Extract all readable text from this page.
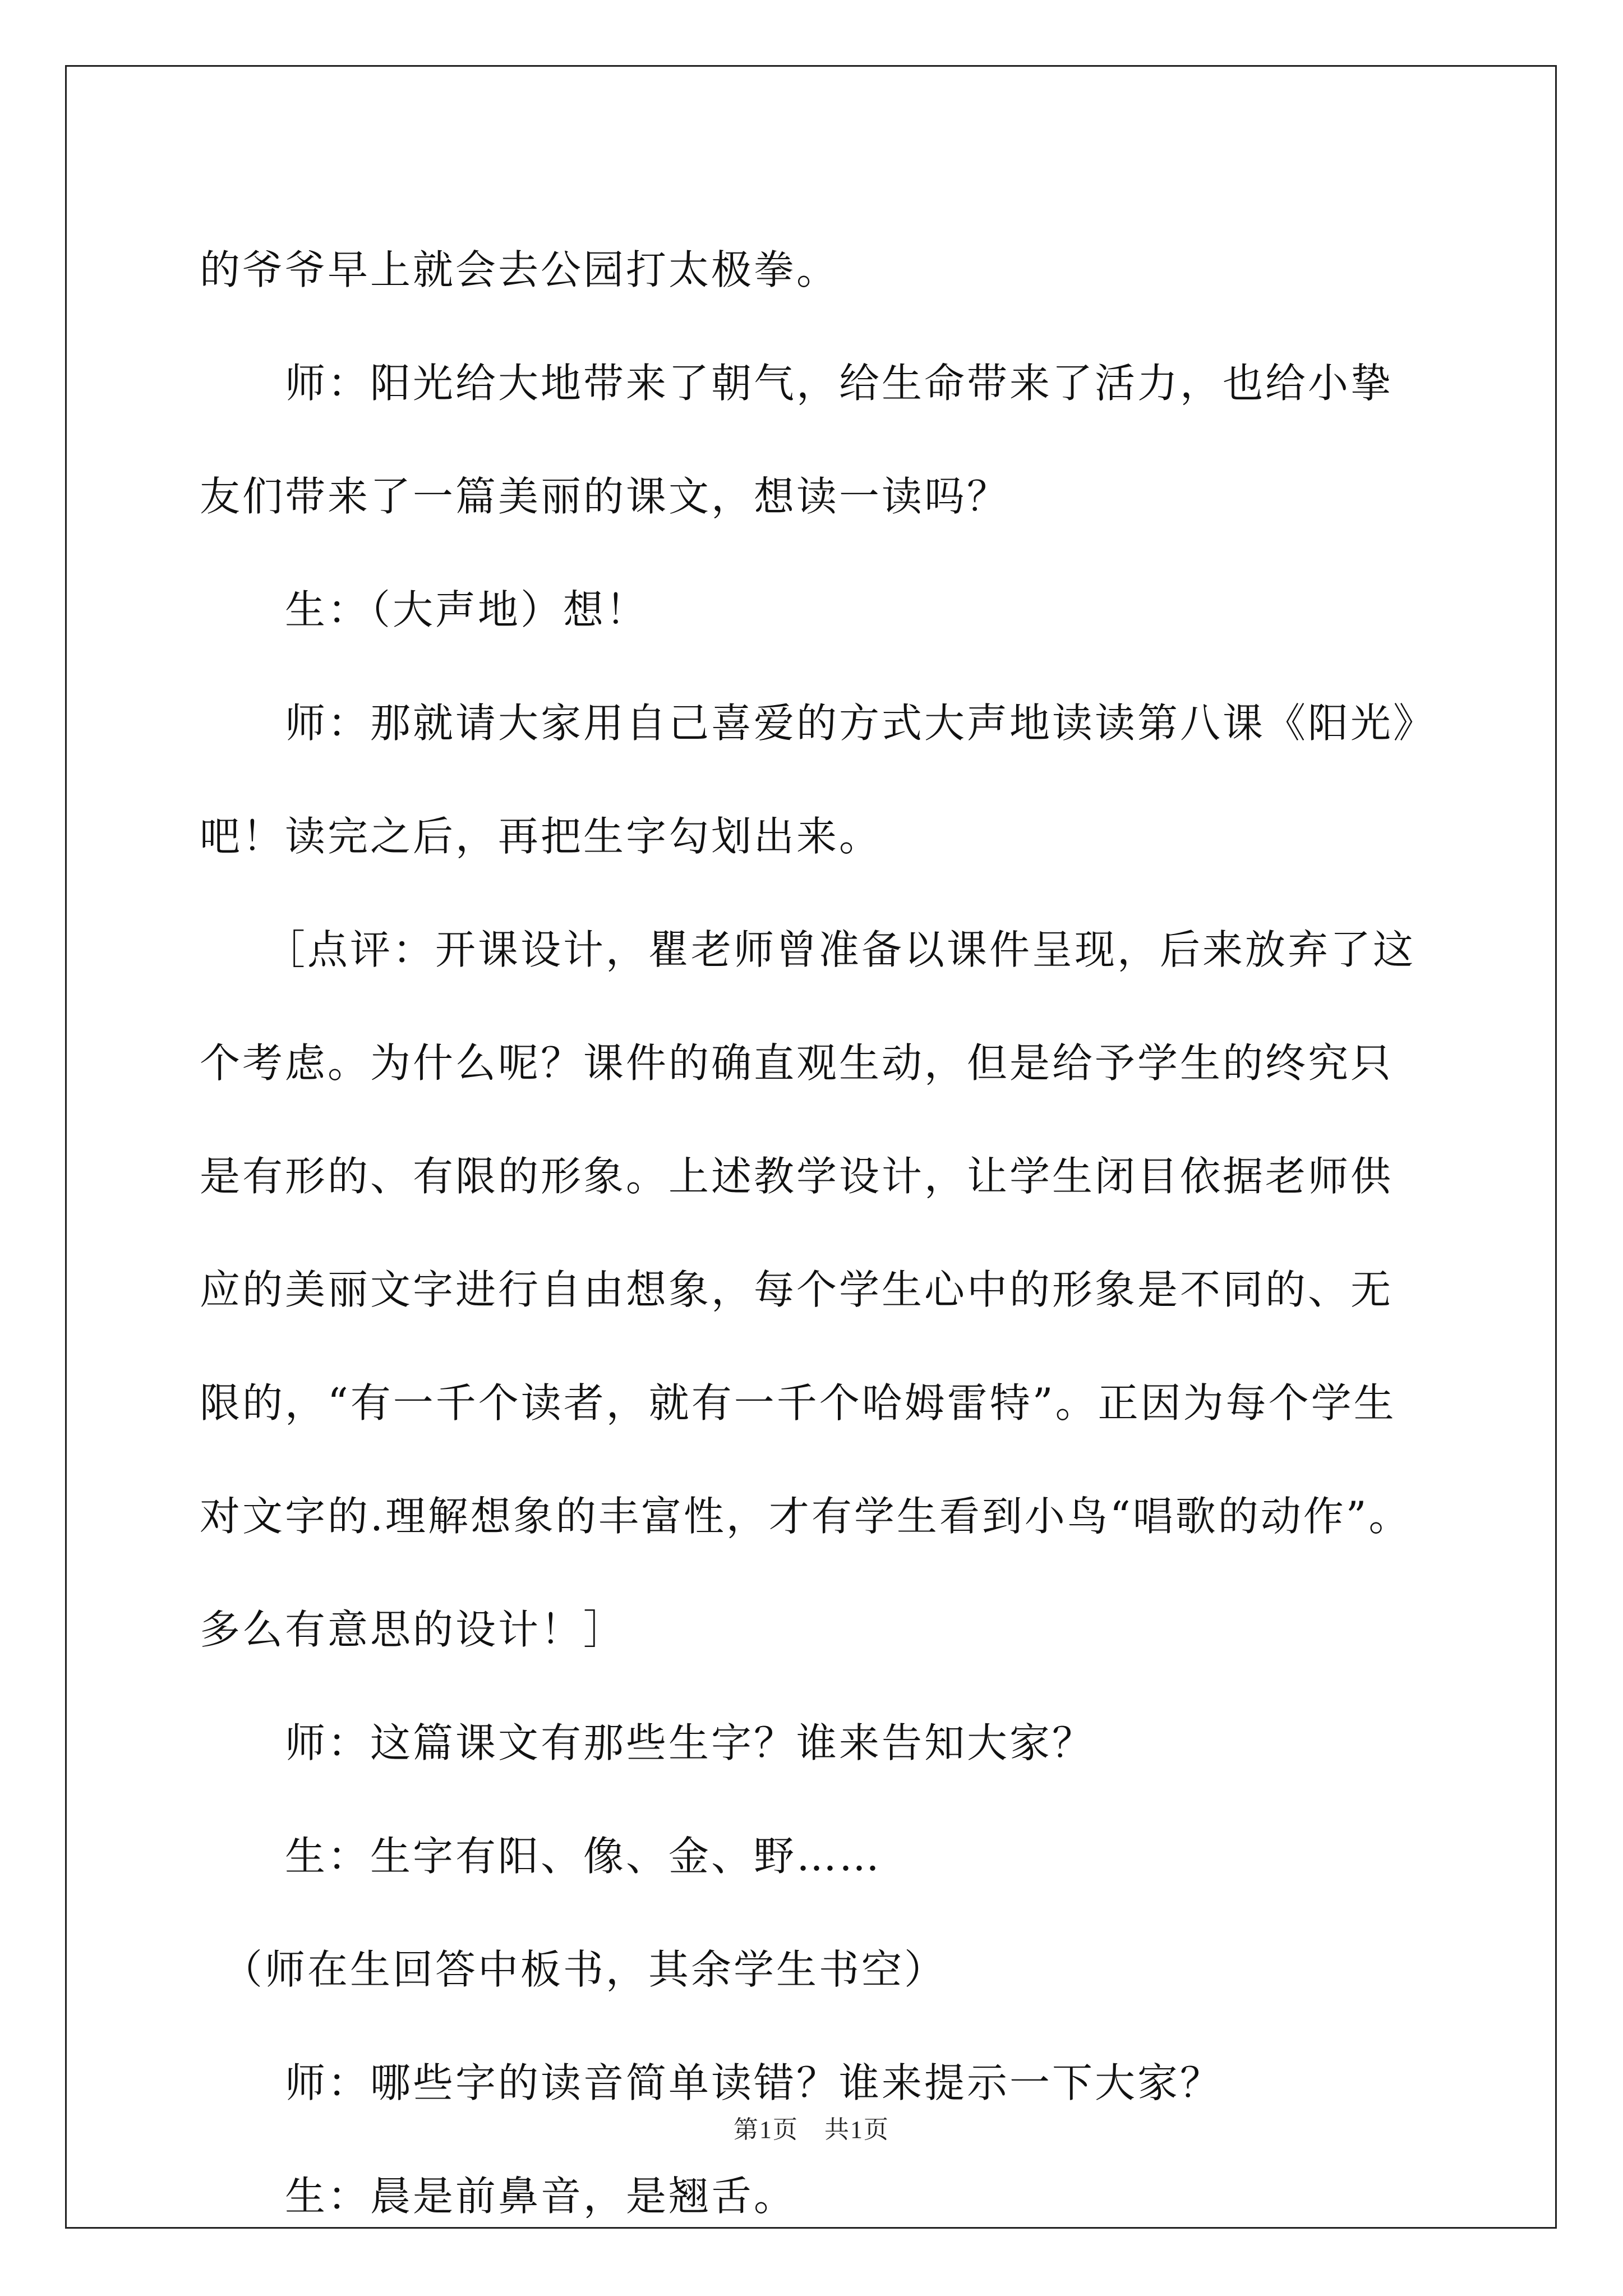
的爷爷早上就会去公园打太极拳。

　　师：阳光给大地带来了朝气，给生命带来了活力，也给小挚友们带来了一篇美丽的课文，想读一读吗？

　　生：（大声地）想！

　　师：那就请大家用自己喜爱的方式大声地读读第八课《阳光》吧！读完之后，再把生字勾划出来。

　　［点评：开课设计，瞿老师曾准备以课件呈现，后来放弃了这个考虑。为什么呢？课件的确直观生动，但是给予学生的终究只是有形的、有限的形象。上述教学设计，让学生闭目依据老师供应的美丽文字进行自由想象，每个学生心中的形象是不同的、无限的，“有一千个读者，就有一千个哈姆雷特”。正因为每个学生对文字的.理解想象的丰富性，才有学生看到小鸟“唱歌的动作”。多么有意思的设计！］

　　师：这篇课文有那些生字？谁来告知大家？

　　生：生字有阳、像、金、野……

　（师在生回答中板书，其余学生书空）

　　师：哪些字的读音简单读错？谁来提示一下大家？

　　生：晨是前鼻音，是翘舌。

第1页　共1页
